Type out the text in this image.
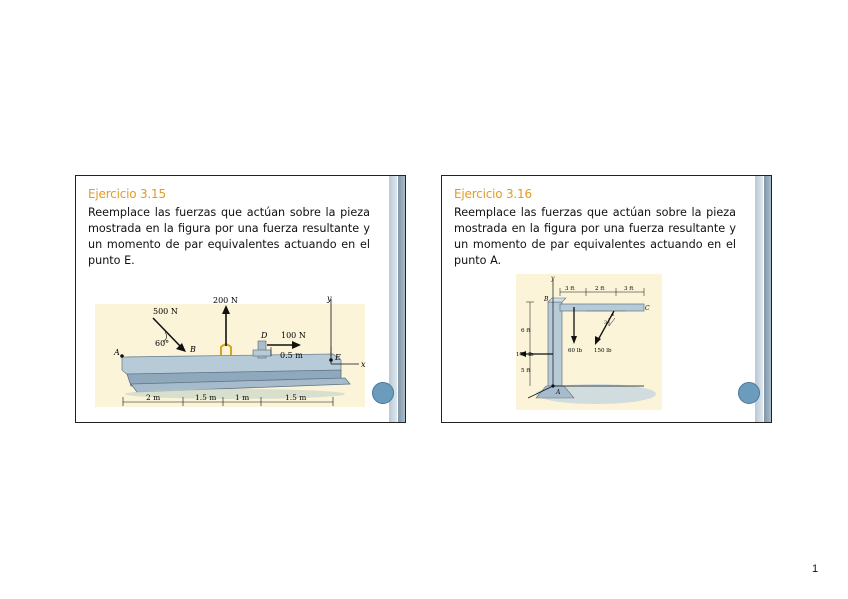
Ejercicio 3.15
Reemplace las fuerzas que actúan sobre la pieza mostrada en la figura por una fuerza resultante y un momento de par equivalentes actuando en el punto E.
500 N
200 N
100 N
60°
A	B
D
E
y
x
0.5 m
2 m	1.5 m 1 m	1.5 m
Ejercicio 3.16
Reemplace las fuerzas que actúan sobre la pieza mostrada en la figura por una fuerza resultante y un momento de par equivalentes actuando en el punto A.
y
B
C
A
3 ft	2 ft	3 ft
6 ft
5 ft
175 lb
60 lb 150 lb
3
4
1
